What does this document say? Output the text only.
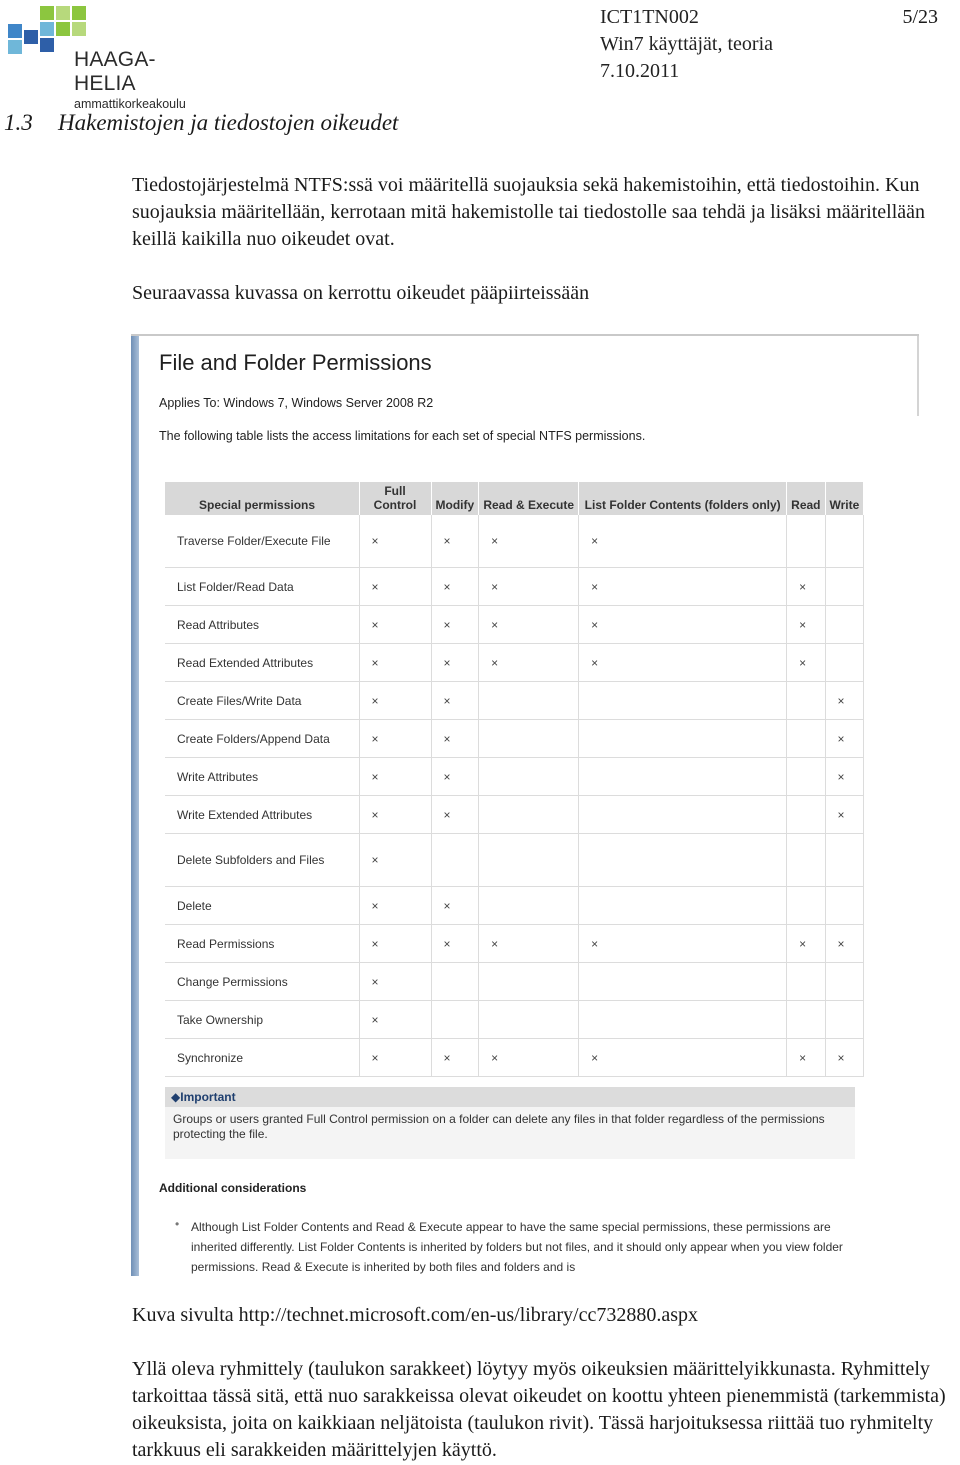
HAAGA-HELIA
ammattikorkeakoulu
ICT1TN002
Win7 käyttäjät, teoria
7.10.2011
5/23
1.3 Hakemistojen ja tiedostojen oikeudet
Tiedostojärjestelmä NTFS:ssä voi määritellä suojauksia sekä hakemistoihin, että tiedostoihin. Kun suojauksia määritellään, kerrotaan mitä hakemistolle tai tiedostolle saa tehdä ja lisäksi määritellään keillä kaikilla nuo oikeudet ovat.
Seuraavassa kuvassa on kerrottu oikeudet pääpiirteissään
File and Folder Permissions
Applies To: Windows 7, Windows Server 2008 R2
The following table lists the access limitations for each set of special NTFS permissions.
Special permissions	Full Control	Modify	Read & Execute	List Folder Contents (folders only)	Read	Write
Traverse Folder/Execute File	×	×	×	×		
List Folder/Read Data	×	×	×	×	×	
Read Attributes	×	×	×	×	×	
Read Extended Attributes	×	×	×	×	×	
Create Files/Write Data	×	×				×
Create Folders/Append Data	×	×				×
Write Attributes	×	×				×
Write Extended Attributes	×	×				×
Delete Subfolders and Files	×					
Delete	×	×				
Read Permissions	×	×	×	×	×	×
Change Permissions	×					
Take Ownership	×					
Synchronize	×	×	×	×	×	×
◆Important
Groups or users granted Full Control permission on a folder can delete any files in that folder regardless of the permissions protecting the file.
Additional considerations
• Although List Folder Contents and Read & Execute appear to have the same special permissions, these permissions are inherited differently. List Folder Contents is inherited by folders but not files, and it should only appear when you view folder permissions. Read & Execute is inherited by both files and folders and is
Kuva sivulta http://technet.microsoft.com/en-us/library/cc732880.aspx
Yllä oleva ryhmittely (taulukon sarakkeet) löytyy myös oikeuksien määrittelyikkunasta. Ryhmittely tarkoittaa tässä sitä, että nuo sarakkeissa olevat oikeudet on koottu yhteen pienemmistä (tarkemmista) oikeuksista, joita on kaikkiaan neljätoista (taulukon rivit). Tässä harjoituksessa riittää tuo ryhmitelty tarkkuus eli sarakkeiden määrittelyjen käyttö.
